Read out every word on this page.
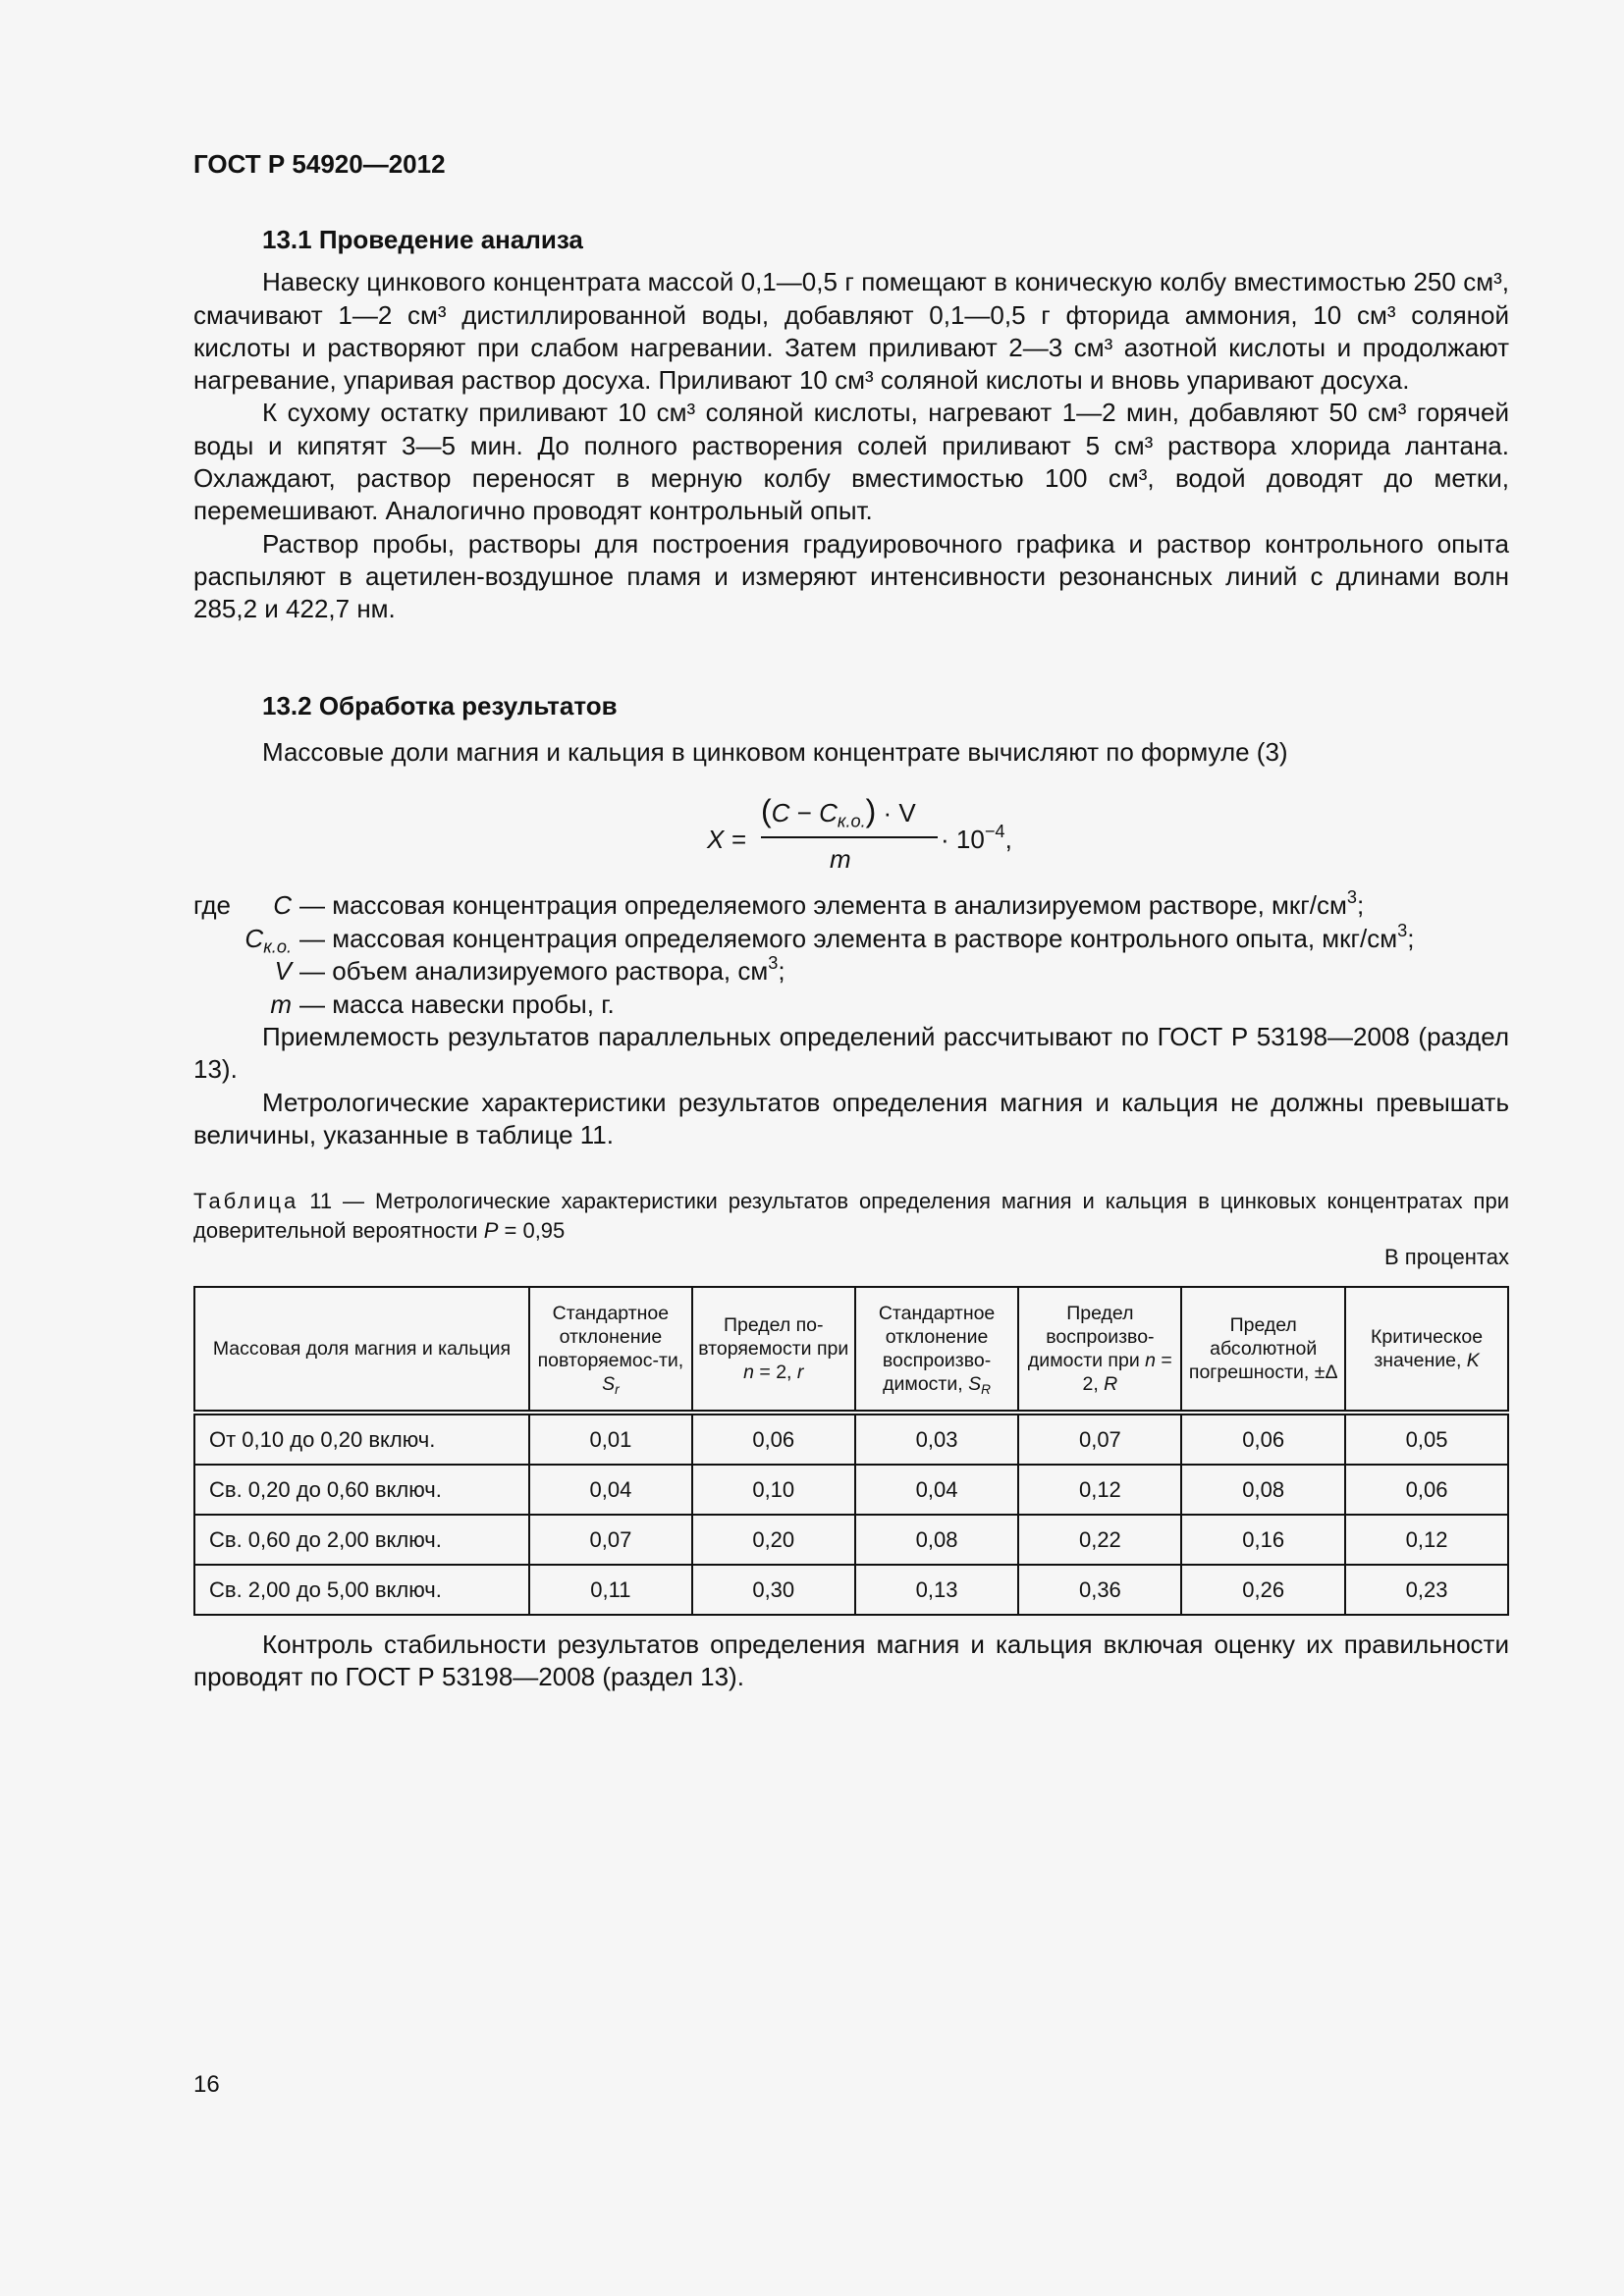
ГОСТ Р 54920—2012
13.1 Проведение анализа

Навеску цинкового концентрата массой 0,1—0,5 г помещают в коническую колбу вместимостью 250 см³, смачивают 1—2 см³ дистиллированной воды, добавляют 0,1—0,5 г фторида аммония, 10 см³ соляной кислоты и растворяют при слабом нагревании. Затем приливают 2—3 см³ азотной кислоты и продолжают нагревание, упаривая раствор досуха. Приливают 10 см³ соляной кислоты и вновь упаривают досуха.

К сухому остатку приливают 10 см³ соляной кислоты, нагревают 1—2 мин, добавляют 50 см³ горячей воды и кипятят 3—5 мин. До полного растворения солей приливают 5 см³ раствора хлорида лантана. Охлаждают, раствор переносят в мерную колбу вместимостью 100 см³, водой доводят до метки, перемешивают. Аналогично проводят контрольный опыт.

Раствор пробы, растворы для построения градуировочного графика и раствор контрольного опыта распыляют в ацетилен-воздушное пламя и измеряют интенсивности резонансных линий с длинами волн 285,2 и 422,7 нм.

13.2 Обработка результатов

Массовые доли магния и кальция в цинковом концентрате вычисляют по формуле (3)

X =
$(C - C_{к.о.}) \cdot V$
m
· $10^{-4}$,
где C — массовая концентрация определяемого элемента в анализируемом растворе, мкг/$см^3$;
$C_{к.о.}$ — массовая концентрация определяемого элемента в растворе контрольного опыта, мкг/$см^3$;
V — объем анализируемого раствора, $см^3$;
m — масса навески пробы, г.

Приемлемость результатов параллельных определений рассчитывают по ГОСТ Р 53198—2008 (раздел 13).

Метрологические характеристики результатов определения магния и кальция не должны превышать величины, указанные в таблице 11.

Таблица 11 — Метрологические характеристики результатов определения магния и кальция в цинковых концентратах при доверительной вероятности P = 0,95
В процентах
Массовая доля магния и кальция	Стандартное отклонение повторяемос-ти, $S_r$	Предел по-вторяемости при n = 2, r	Стандартное отклонение воспроизво-димости, $S_R$	Предел воспроизво-димости при n = 2, R	Предел абсолютной погрешности, ±Δ	Критическое значение, K
От 0,10 до 0,20 включ.	0,01	0,06	0,03	0,07	0,06	0,05
Св. 0,20 до 0,60 включ.	0,04	0,10	0,04	0,12	0,08	0,06
Св. 0,60 до 2,00 включ.	0,07	0,20	0,08	0,22	0,16	0,12
Св. 2,00 до 5,00 включ.	0,11	0,30	0,13	0,36	0,26	0,23

Контроль стабильности результатов определения магния и кальция включая оценку их правильности проводят по ГОСТ Р 53198—2008 (раздел 13).

16
